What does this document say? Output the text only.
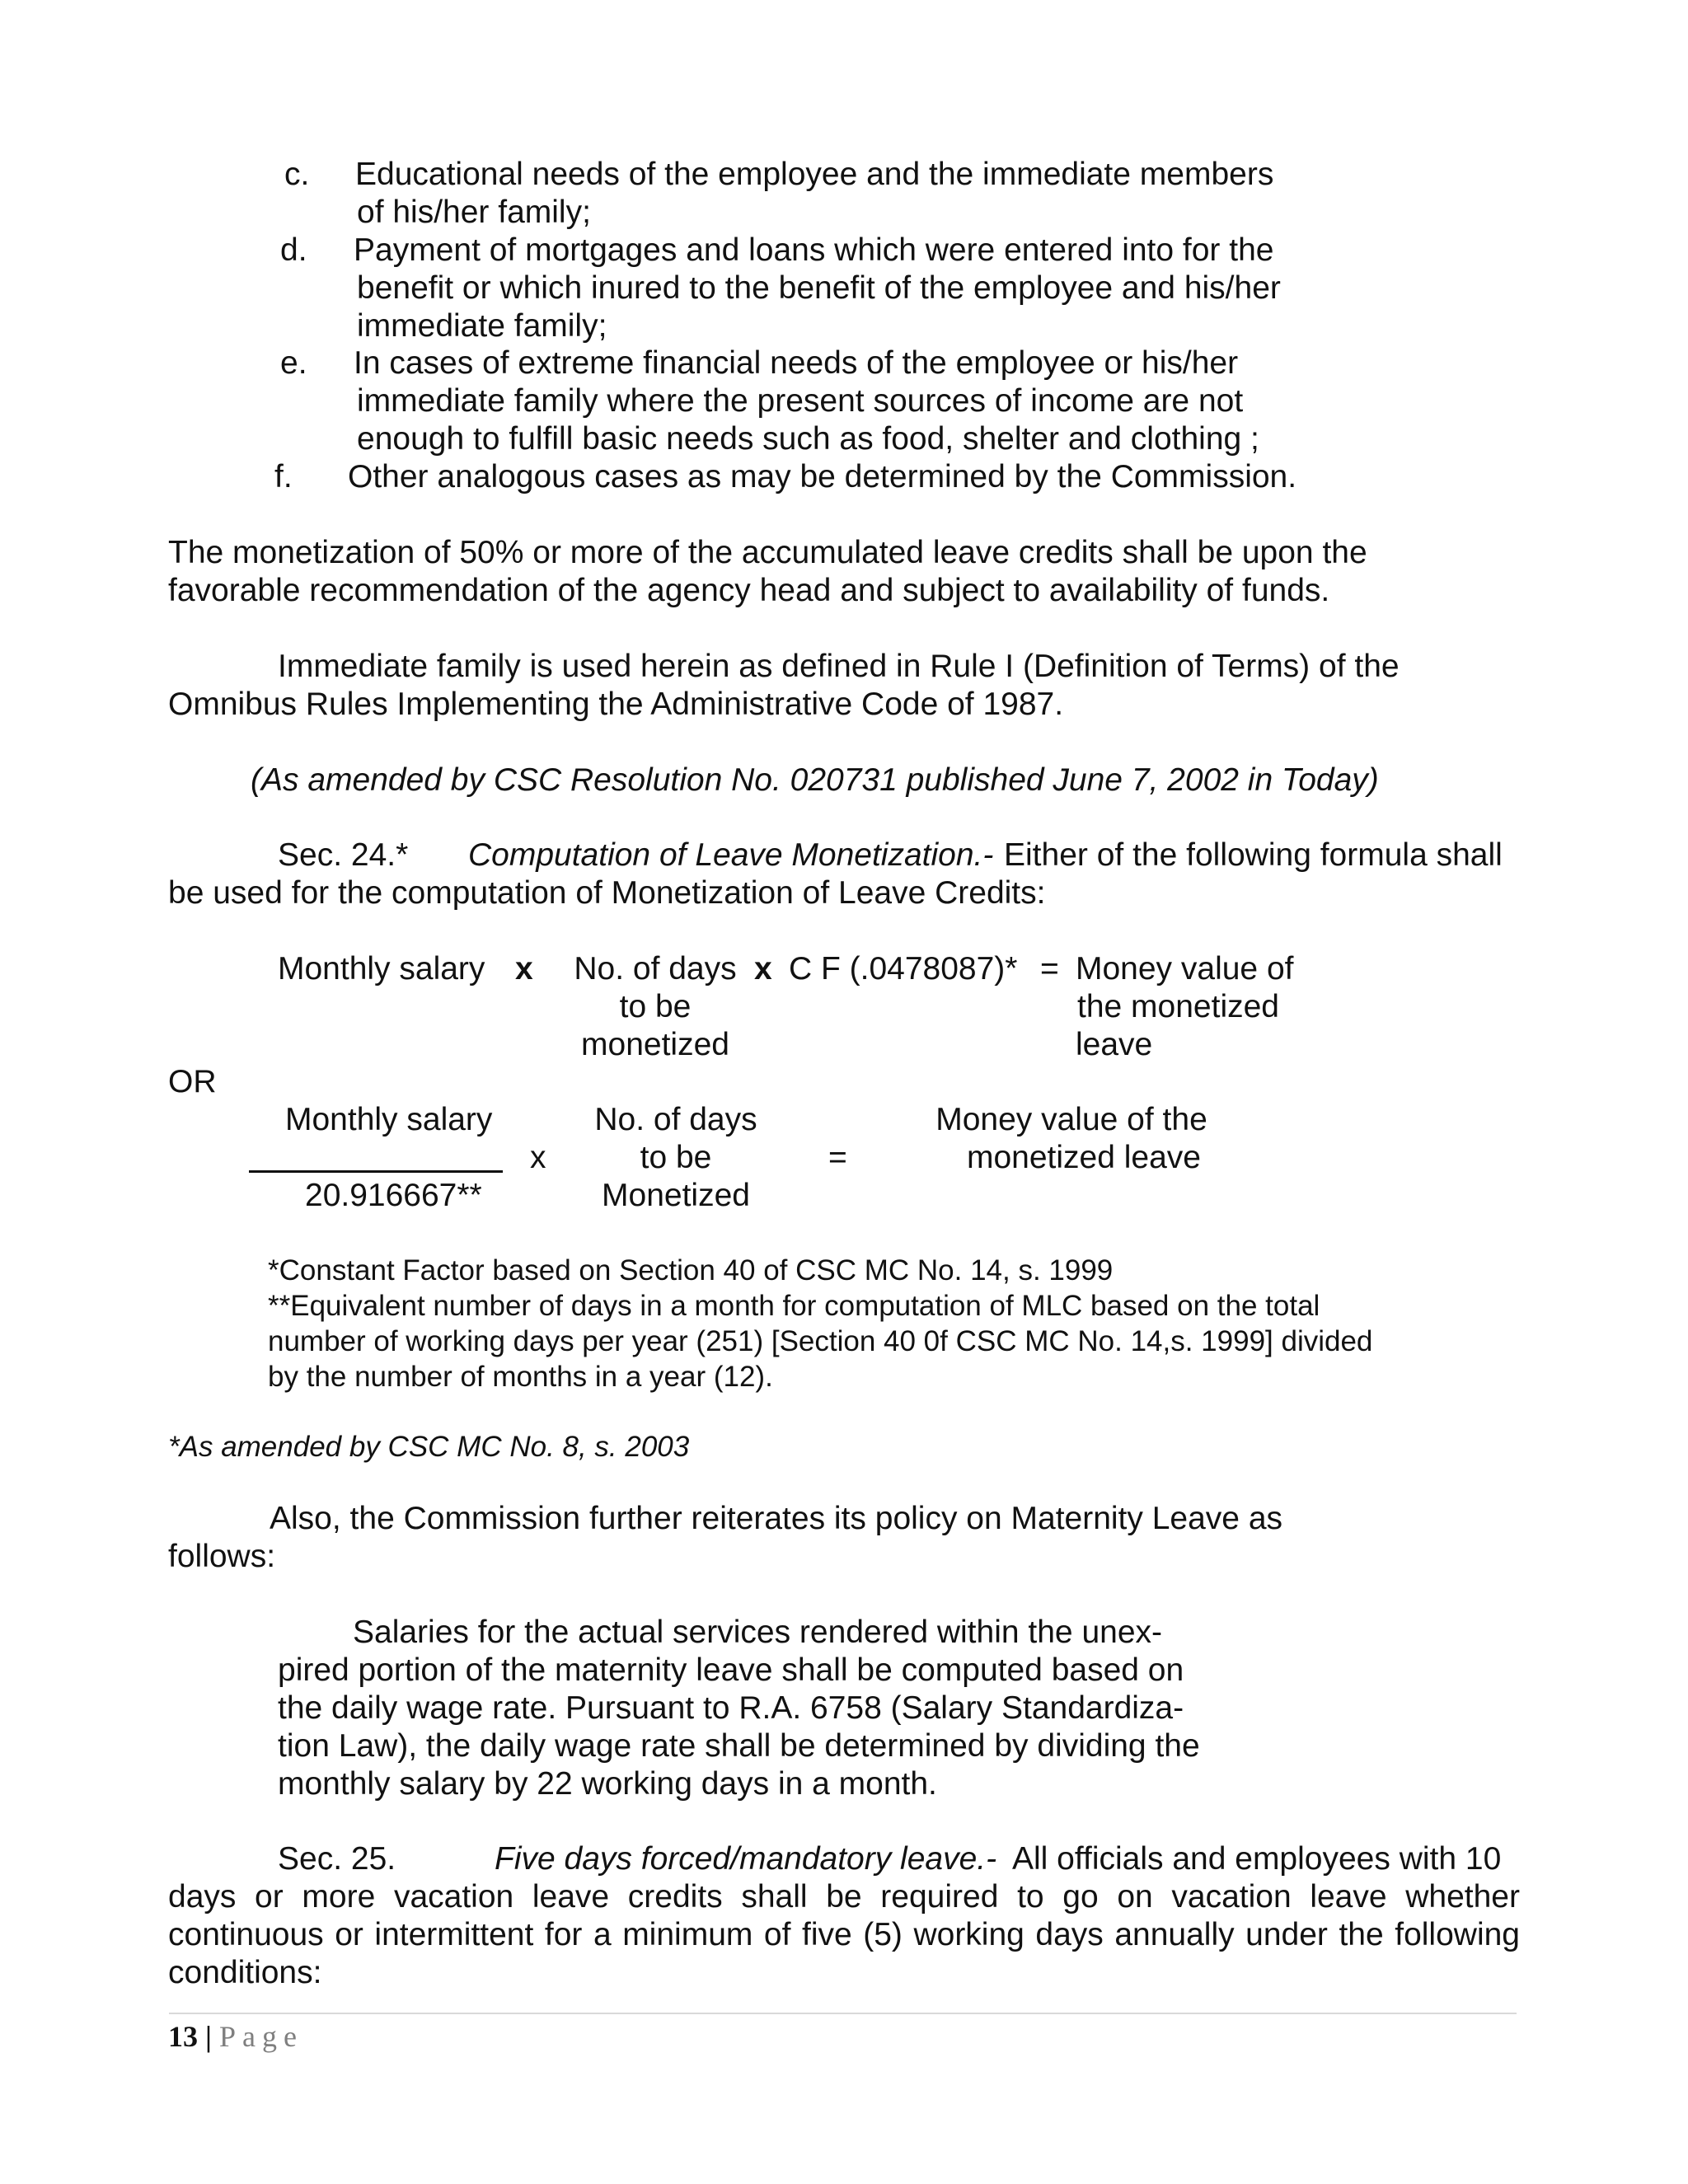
c. Educational needs of the employee and the immediate members
of his/her family;
d. Payment of mortgages and loans which were entered into for the
benefit or which inured to the benefit of the employee and his/her
immediate family;
e. In cases of extreme financial needs of the employee or his/her
immediate family where the present sources of income are not
enough to fulfill basic needs such as food, shelter and clothing ;
f. Other analogous cases as may be determined by the Commission.
The monetization of 50% or more of the accumulated leave credits shall be upon the
favorable recommendation of the agency head and subject to availability of funds.
Immediate family is used herein as defined in Rule I (Definition of Terms) of the
Omnibus Rules Implementing the Administrative Code of 1987.
(As amended by CSC Resolution No. 020731 published June 7, 2002 in Today)
Sec. 24.* Computation of Leave Monetization.- Either of the following formula shall
be used for the computation of Monetization of Leave Credits:
Monthly salary x No. of days
to be
monetized
x C F (.0478087)* = Money value of
the monetized
leave
OR
Monthly salary
20.916667**
x
No. of days
to be
Monetized
=
Money value of the
monetized leave
*Constant Factor based on Section 40 of CSC MC No. 14, s. 1999
**Equivalent number of days in a month for computation of MLC based on the total
number of working days per year (251) [Section 40 0f CSC MC No. 14,s. 1999] divided
by the number of months in a year (12).
*As amended by CSC MC No. 8, s. 2003
Also, the Commission further reiterates its policy on Maternity Leave as
follows:
Salaries for the actual services rendered within the unex-
pired portion of the maternity leave shall be computed based on
the daily wage rate. Pursuant to R.A. 6758 (Salary Standardiza-
tion Law), the daily wage rate shall be determined by dividing the
monthly salary by 22 working days in a month.
Sec. 25.	Five days forced/mandatory leave.- All officials and employees with 10
days or more vacation leave credits shall be required to go on vacation leave whether
continuous or intermittent for a minimum of five (5) working days annually under the following
conditions:
13 | Page
